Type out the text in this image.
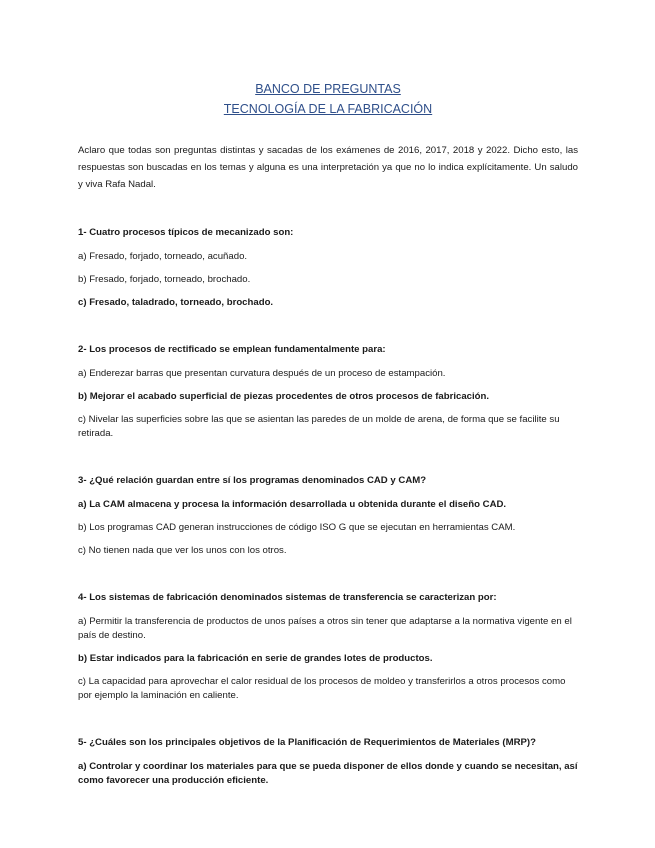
BANCO DE PREGUNTAS

TECNOLOGÍA DE LA FABRICACIÓN

Aclaro que todas son preguntas distintas y sacadas de los exámenes de 2016, 2017, 2018 y 2022. Dicho esto, las respuestas son buscadas en los temas y alguna es una interpretación ya que no lo indica explícitamente. Un saludo y viva Rafa Nadal.

1- Cuatro procesos típicos de mecanizado son:

a) Fresado, forjado, torneado, acuñado.

b) Fresado, forjado, torneado, brochado.

c) Fresado, taladrado, torneado, brochado.

2- Los procesos de rectificado se emplean fundamentalmente para:

a) Enderezar barras que presentan curvatura después de un proceso de estampación.

b) Mejorar el acabado superficial de piezas procedentes de otros procesos de fabricación.

c) Nivelar las superficies sobre las que se asientan las paredes de un molde de arena, de forma que se facilite su retirada.

3- ¿Qué relación guardan entre sí los programas denominados CAD y CAM?

a) La CAM almacena y procesa la información desarrollada u obtenida durante el diseño CAD.

b) Los programas CAD generan instrucciones de código ISO G que se ejecutan en herramientas CAM.

c) No tienen nada que ver los unos con los otros.

4- Los sistemas de fabricación denominados sistemas de transferencia se caracterizan por:

a) Permitir la transferencia de productos de unos países a otros sin tener que adaptarse a la normativa vigente en el país de destino.

b) Estar indicados para la fabricación en serie de grandes lotes de productos.

c) La capacidad para aprovechar el calor residual de los procesos de moldeo y transferirlos a otros procesos como por ejemplo la laminación en caliente.

5- ¿Cuáles son los principales objetivos de la Planificación de Requerimientos de Materiales (MRP)?

a) Controlar y coordinar los materiales para que se pueda disponer de ellos donde y cuando se necesitan, así como favorecer una producción eficiente.
